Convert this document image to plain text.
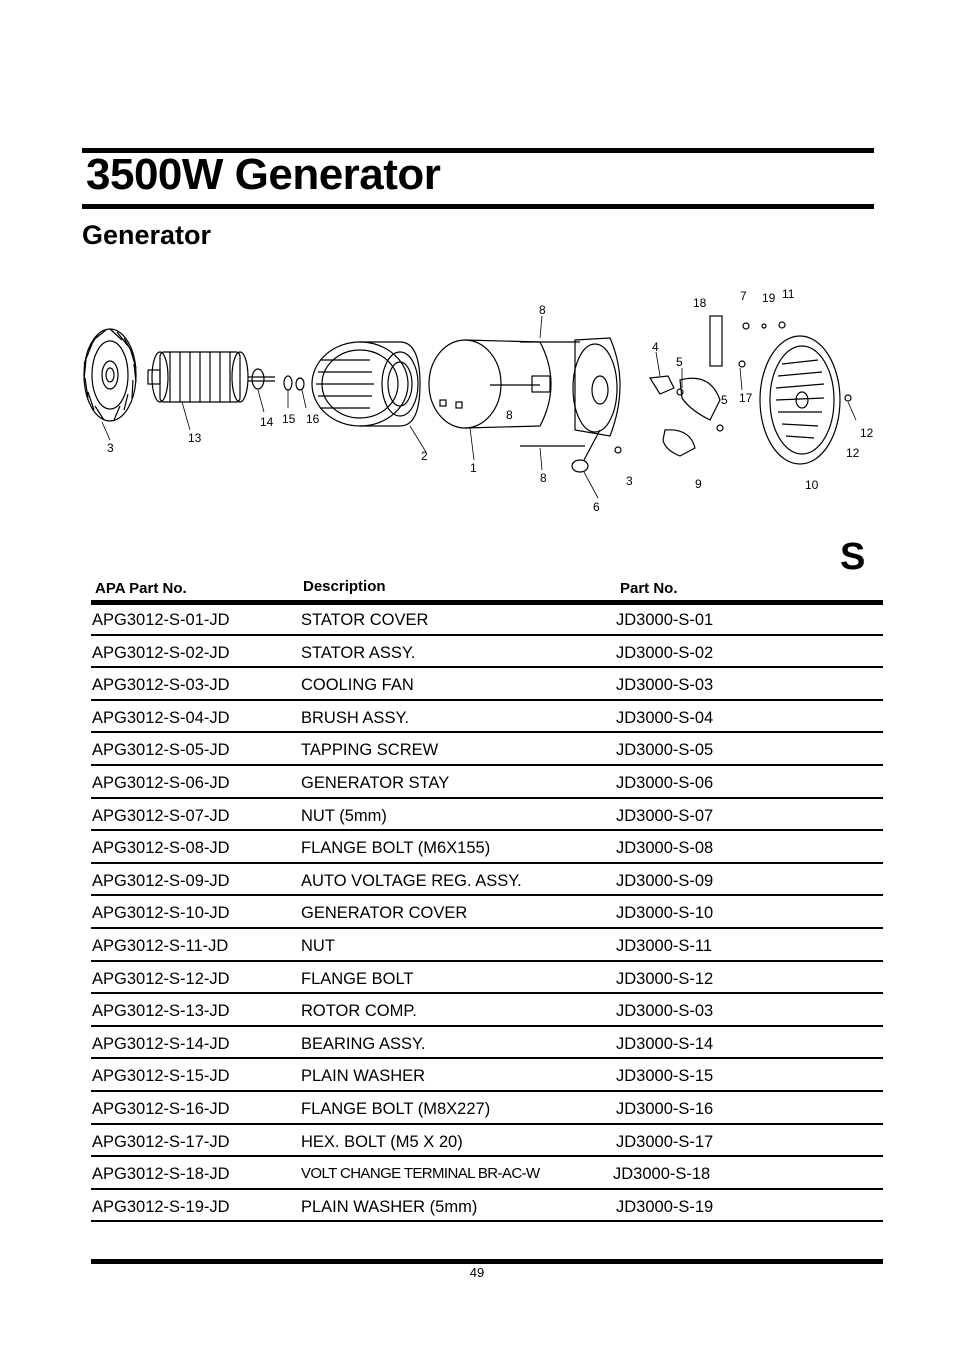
3500W Generator
Generator
3
13
14 15 16
2
1
8
8
8
6
3
4
5
18	7 19 11
17
5
9	10
12
12
S
APA Part No.	Description	Part No.
APG3012-S-01-JD	STATOR COVER	JD3000-S-01
APG3012-S-02-JD	STATOR ASSY.	JD3000-S-02
APG3012-S-03-JD	COOLING FAN	JD3000-S-03
APG3012-S-04-JD	BRUSH ASSY.	JD3000-S-04
APG3012-S-05-JD	TAPPING SCREW	JD3000-S-05
APG3012-S-06-JD	GENERATOR STAY	JD3000-S-06
APG3012-S-07-JD	NUT (5mm)	JD3000-S-07
APG3012-S-08-JD	FLANGE BOLT (M6X155)	JD3000-S-08
APG3012-S-09-JD	AUTO VOLTAGE REG. ASSY.	JD3000-S-09
APG3012-S-10-JD	GENERATOR COVER	JD3000-S-10
APG3012-S-11-JD	NUT	JD3000-S-11
APG3012-S-12-JD	FLANGE BOLT	JD3000-S-12
APG3012-S-13-JD	ROTOR COMP.	JD3000-S-03
APG3012-S-14-JD	BEARING ASSY.	JD3000-S-14
APG3012-S-15-JD	PLAIN WASHER	JD3000-S-15
APG3012-S-16-JD	FLANGE BOLT (M8X227)	JD3000-S-16
APG3012-S-17-JD	HEX. BOLT (M5 X 20)	JD3000-S-17
APG3012-S-18-JD	VOLT CHANGE TERMINAL BR-AC-W	JD3000-S-18
APG3012-S-19-JD	PLAIN WASHER (5mm)	JD3000-S-19
49
